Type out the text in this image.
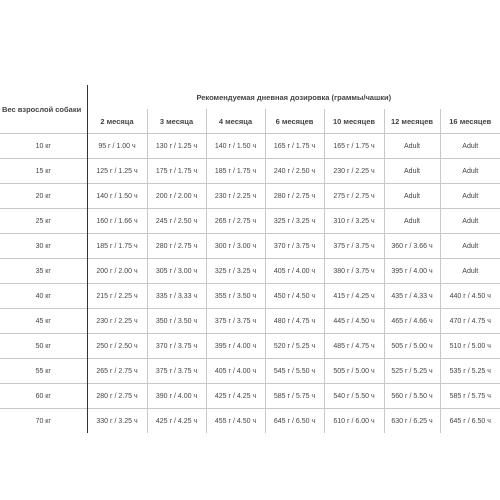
Вес взрослой собаки	Рекомендуемая дневная дозировка (граммы/чашки)						
	2 месяца	3 месяца	4 месяца	6 месяцев	10 месяцев	12 месяцев	16 месяцев
10 кг	95 г / 1.00 ч	130 г / 1.25 ч	140 г / 1.50 ч	165 г / 1.75 ч	165 г / 1.75 ч	Adult	Adult
15 кг	125 г / 1.25 ч	175 г / 1.75 ч	185 г / 1.75 ч	240 г / 2.50 ч	230 г / 2.25 ч	Adult	Adult
20 кг	140 г / 1.50 ч	200 г / 2.00 ч	230 г / 2.25 ч	280 г / 2.75 ч	275 г / 2.75 ч	Adult	Adult
25 кг	160 г / 1.66 ч	245 г / 2.50 ч	265 г / 2.75 ч	325 г / 3.25 ч	310 г / 3.25 ч	Adult	Adult
30 кг	185 г / 1.75 ч	280 г / 2.75 ч	300 г / 3.00 ч	370 г / 3.75 ч	375 г / 3.75 ч	360 г / 3.66 ч	Adult
35 кг	200 г / 2.00 ч	305 г / 3.00 ч	325 г / 3.25 ч	405 г / 4.00 ч	380 г / 3.75 ч	395 г / 4.00 ч	Adult
40 кг	215 г / 2.25 ч	335 г / 3.33 ч	355 г / 3.50 ч	450 г / 4.50 ч	415 г / 4.25 ч	435 г / 4.33 ч	440 г / 4.50 ч
45 кг	230 г / 2.25 ч	350 г / 3.50 ч	375 г / 3.75 ч	480 г / 4.75 ч	445 г / 4.50 ч	465 г / 4.66 ч	470 г / 4.75 ч
50 кг	250 г / 2.50 ч	370 г / 3.75 ч	395 г / 4.00 ч	520 г / 5.25 ч	485 г / 4.75 ч	505 г / 5.00 ч	510 г / 5.00 ч
55 кг	265 г / 2.75 ч	375 г / 3.75 ч	405 г / 4.00 ч	545 г / 5.50 ч	505 г / 5.00 ч	525 г / 5.25 ч	535 г / 5.25 ч
60 кг	280 г / 2.75 ч	390 г / 4.00 ч	425 г / 4.25 ч	585 г / 5.75 ч	540 г / 5.50 ч	560 г / 5.50 ч	585 г / 5.75 ч
70 кг	330 г / 3.25 ч	425 г / 4.25 ч	455 г / 4.50 ч	645 г / 6.50 ч	610 г / 6.00 ч	630 г / 6.25 ч	645 г / 6.50 ч
